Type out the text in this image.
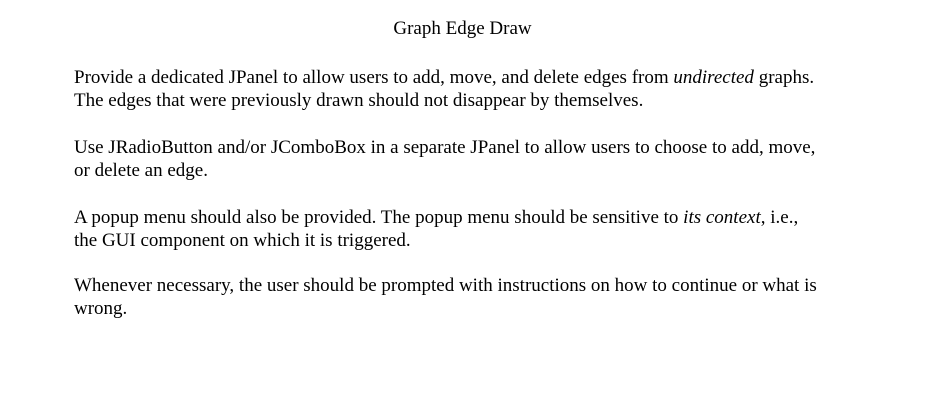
Graph Edge Draw

Provide a dedicated JPanel to allow users to add, move, and delete edges from undirected graphs.
The edges that were previously drawn should not disappear by themselves.

Use JRadioButton and/or JComboBox in a separate JPanel to allow users to choose to add, move,
or delete an edge.

A popup menu should also be provided. The popup menu should be sensitive to its context, i.e.,
the GUI component on which it is triggered.

Whenever necessary, the user should be prompted with instructions on how to continue or what is
wrong.
